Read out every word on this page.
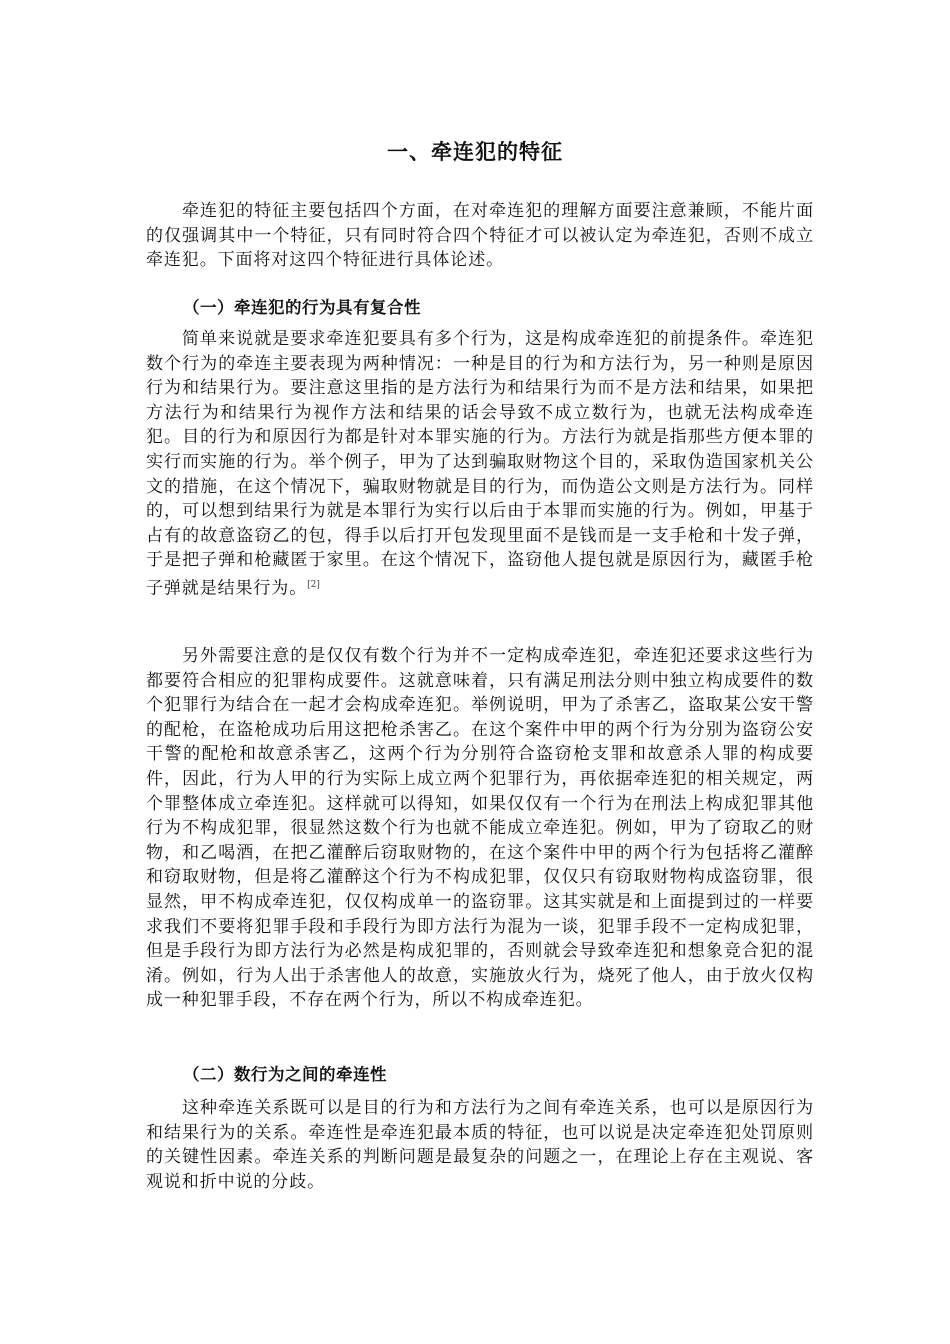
一、牵连犯的特征
牵连犯的特征主要包括四个方面，在对牵连犯的理解方面要注意兼顾，不能片面的仅强调其中一个特征，只有同时符合四个特征才可以被认定为牵连犯，否则不成立牵连犯。下面将对这四个特征进行具体论述。
（一）牵连犯的行为具有复合性
简单来说就是要求牵连犯要具有多个行为，这是构成牵连犯的前提条件。牵连犯数个行为的牵连主要表现为两种情况：一种是目的行为和方法行为，另一种则是原因行为和结果行为。要注意这里指的是方法行为和结果行为而不是方法和结果，如果把方法行为和结果行为视作方法和结果的话会导致不成立数行为，也就无法构成牵连犯。目的行为和原因行为都是针对本罪实施的行为。方法行为就是指那些方便本罪的实行而实施的行为。举个例子，甲为了达到骗取财物这个目的，采取伪造国家机关公文的措施，在这个情况下，骗取财物就是目的行为，而伪造公文则是方法行为。同样的，可以想到结果行为就是本罪行为实行以后由于本罪而实施的行为。例如，甲基于占有的故意盗窃乙的包，得手以后打开包发现里面不是钱而是一支手枪和十发子弹，于是把子弹和枪藏匿于家里。在这个情况下，盗窃他人提包就是原因行为，藏匿手枪子弹就是结果行为。[2]
另外需要注意的是仅仅有数个行为并不一定构成牵连犯，牵连犯还要求这些行为都要符合相应的犯罪构成要件。这就意味着，只有满足刑法分则中独立构成要件的数个犯罪行为结合在一起才会构成牵连犯。举例说明，甲为了杀害乙，盗取某公安干警的配枪，在盗枪成功后用这把枪杀害乙。在这个案件中甲的两个行为分别为盗窃公安干警的配枪和故意杀害乙，这两个行为分别符合盗窃枪支罪和故意杀人罪的构成要件，因此，行为人甲的行为实际上成立两个犯罪行为，再依据牵连犯的相关规定，两个罪整体成立牵连犯。这样就可以得知，如果仅仅有一个行为在刑法上构成犯罪其他行为不构成犯罪，很显然这数个行为也就不能成立牵连犯。例如，甲为了窃取乙的财物，和乙喝酒，在把乙灌醉后窃取财物的，在这个案件中甲的两个行为包括将乙灌醉和窃取财物，但是将乙灌醉这个行为不构成犯罪，仅仅只有窃取财物构成盗窃罪，很显然，甲不构成牵连犯，仅仅构成单一的盗窃罪。这其实就是和上面提到过的一样要求我们不要将犯罪手段和手段行为即方法行为混为一谈，犯罪手段不一定构成犯罪，但是手段行为即方法行为必然是构成犯罪的，否则就会导致牵连犯和想象竞合犯的混淆。例如，行为人出于杀害他人的故意，实施放火行为，烧死了他人，由于放火仅构成一种犯罪手段，不存在两个行为，所以不构成牵连犯。
（二）数行为之间的牵连性
这种牵连关系既可以是目的行为和方法行为之间有牵连关系，也可以是原因行为和结果行为的关系。牵连性是牵连犯最本质的特征，也可以说是决定牵连犯处罚原则的关键性因素。牵连关系的判断问题是最复杂的问题之一，在理论上存在主观说、客观说和折中说的分歧。
